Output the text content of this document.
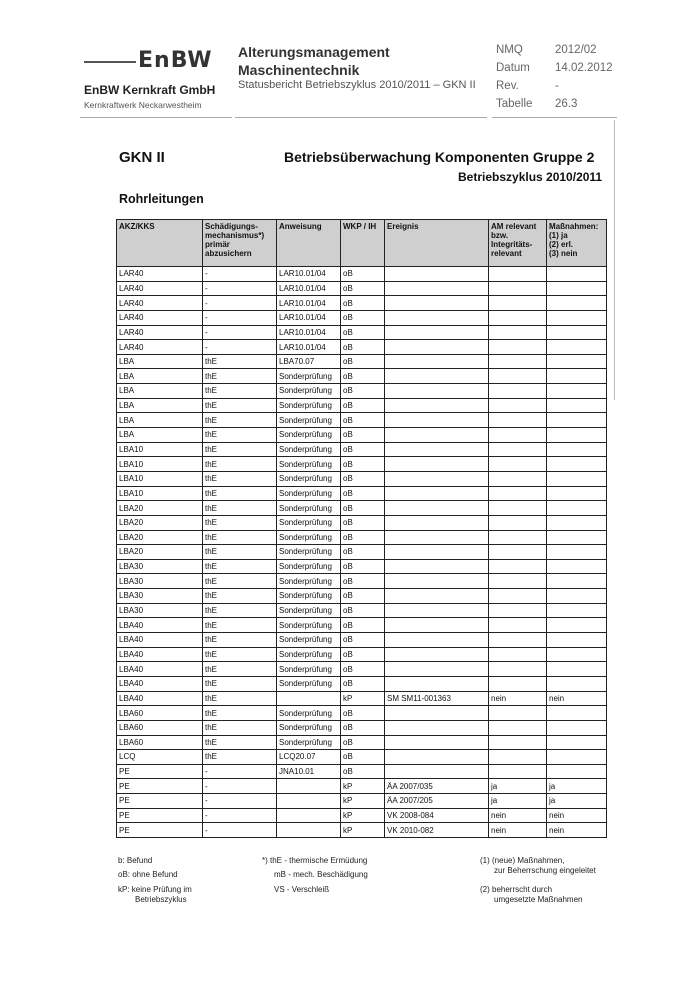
EnBW
EnBW Kernkraft GmbH
Kernkraftwerk Neckarwestheim
Alterungsmanagement
Maschinentechnik
Statusbericht Betriebszyklus 2010/2011 – GKN II
NMQ	2012/02
Datum 14.02.2012
Rev.	-
Tabelle 26.3
GKN II	Betriebsüberwachung Komponenten Gruppe 2
Betriebszyklus 2010/2011
Rohrleitungen
AKZ/KKS	Schädigungs-
mechanismus*)
primär
abzusichern	Anweisung	WKP / IH	Ereignis	AM relevant
bzw.
Integritäts-
relevant	Maßnahmen:
(1) ja
(2) erl.
(3) nein
LAR40	-	LAR10.01/04	oB			
LAR40	-	LAR10.01/04	oB			
LAR40	-	LAR10.01/04	oB			
LAR40	-	LAR10.01/04	oB			
LAR40	-	LAR10.01/04	oB			
LAR40	-	LAR10.01/04	oB			
LBA	thE	LBA70.07	oB			
LBA	thE	Sonderprüfung	oB			
LBA	thE	Sonderprüfung	oB			
LBA	thE	Sonderprüfung	oB			
LBA	thE	Sonderprüfung	oB			
LBA	thE	Sonderprüfung	oB			
LBA10	thE	Sonderprüfung	oB			
LBA10	thE	Sonderprüfung	oB			
LBA10	thE	Sonderprüfung	oB			
LBA10	thE	Sonderprüfung	oB			
LBA20	thE	Sonderprüfung	oB			
LBA20	thE	Sonderprüfung	oB			
LBA20	thE	Sonderprüfung	oB			
LBA20	thE	Sonderprüfung	oB			
LBA30	thE	Sonderprüfung	oB			
LBA30	thE	Sonderprüfung	oB			
LBA30	thE	Sonderprüfung	oB			
LBA30	thE	Sonderprüfung	oB			
LBA40	thE	Sonderprüfung	oB			
LBA40	thE	Sonderprüfung	oB			
LBA40	thE	Sonderprüfung	oB			
LBA40	thE	Sonderprüfung	oB			
LBA40	thE	Sonderprüfung	oB			
LBA40	thE		kP	SM SM11-001363	nein	nein
LBA60	thE	Sonderprüfung	oB			
LBA60	thE	Sonderprüfung	oB			
LBA60	thE	Sonderprüfung	oB			
LCQ	thE	LCQ20.07	oB			
PE	-	JNA10.01	oB			
PE	-		kP	ÄA 2007/035	ja	ja
PE	-		kP	ÄA 2007/205	ja	ja
PE	-		kP	VK 2008-084	nein	nein
PE	-		kP	VK 2010-082	nein	nein
b: Befund
oB: ohne Befund
kP: keine Prüfung im
Betriebszyklus
*) thE - thermische Ermüdung
mB - mech. Beschädigung
VS - Verschleiß
(1) (neue) Maßnahmen,
zur Beherrschung eingeleitet
(2) beherrscht durch
umgesetzte Maßnahmen
